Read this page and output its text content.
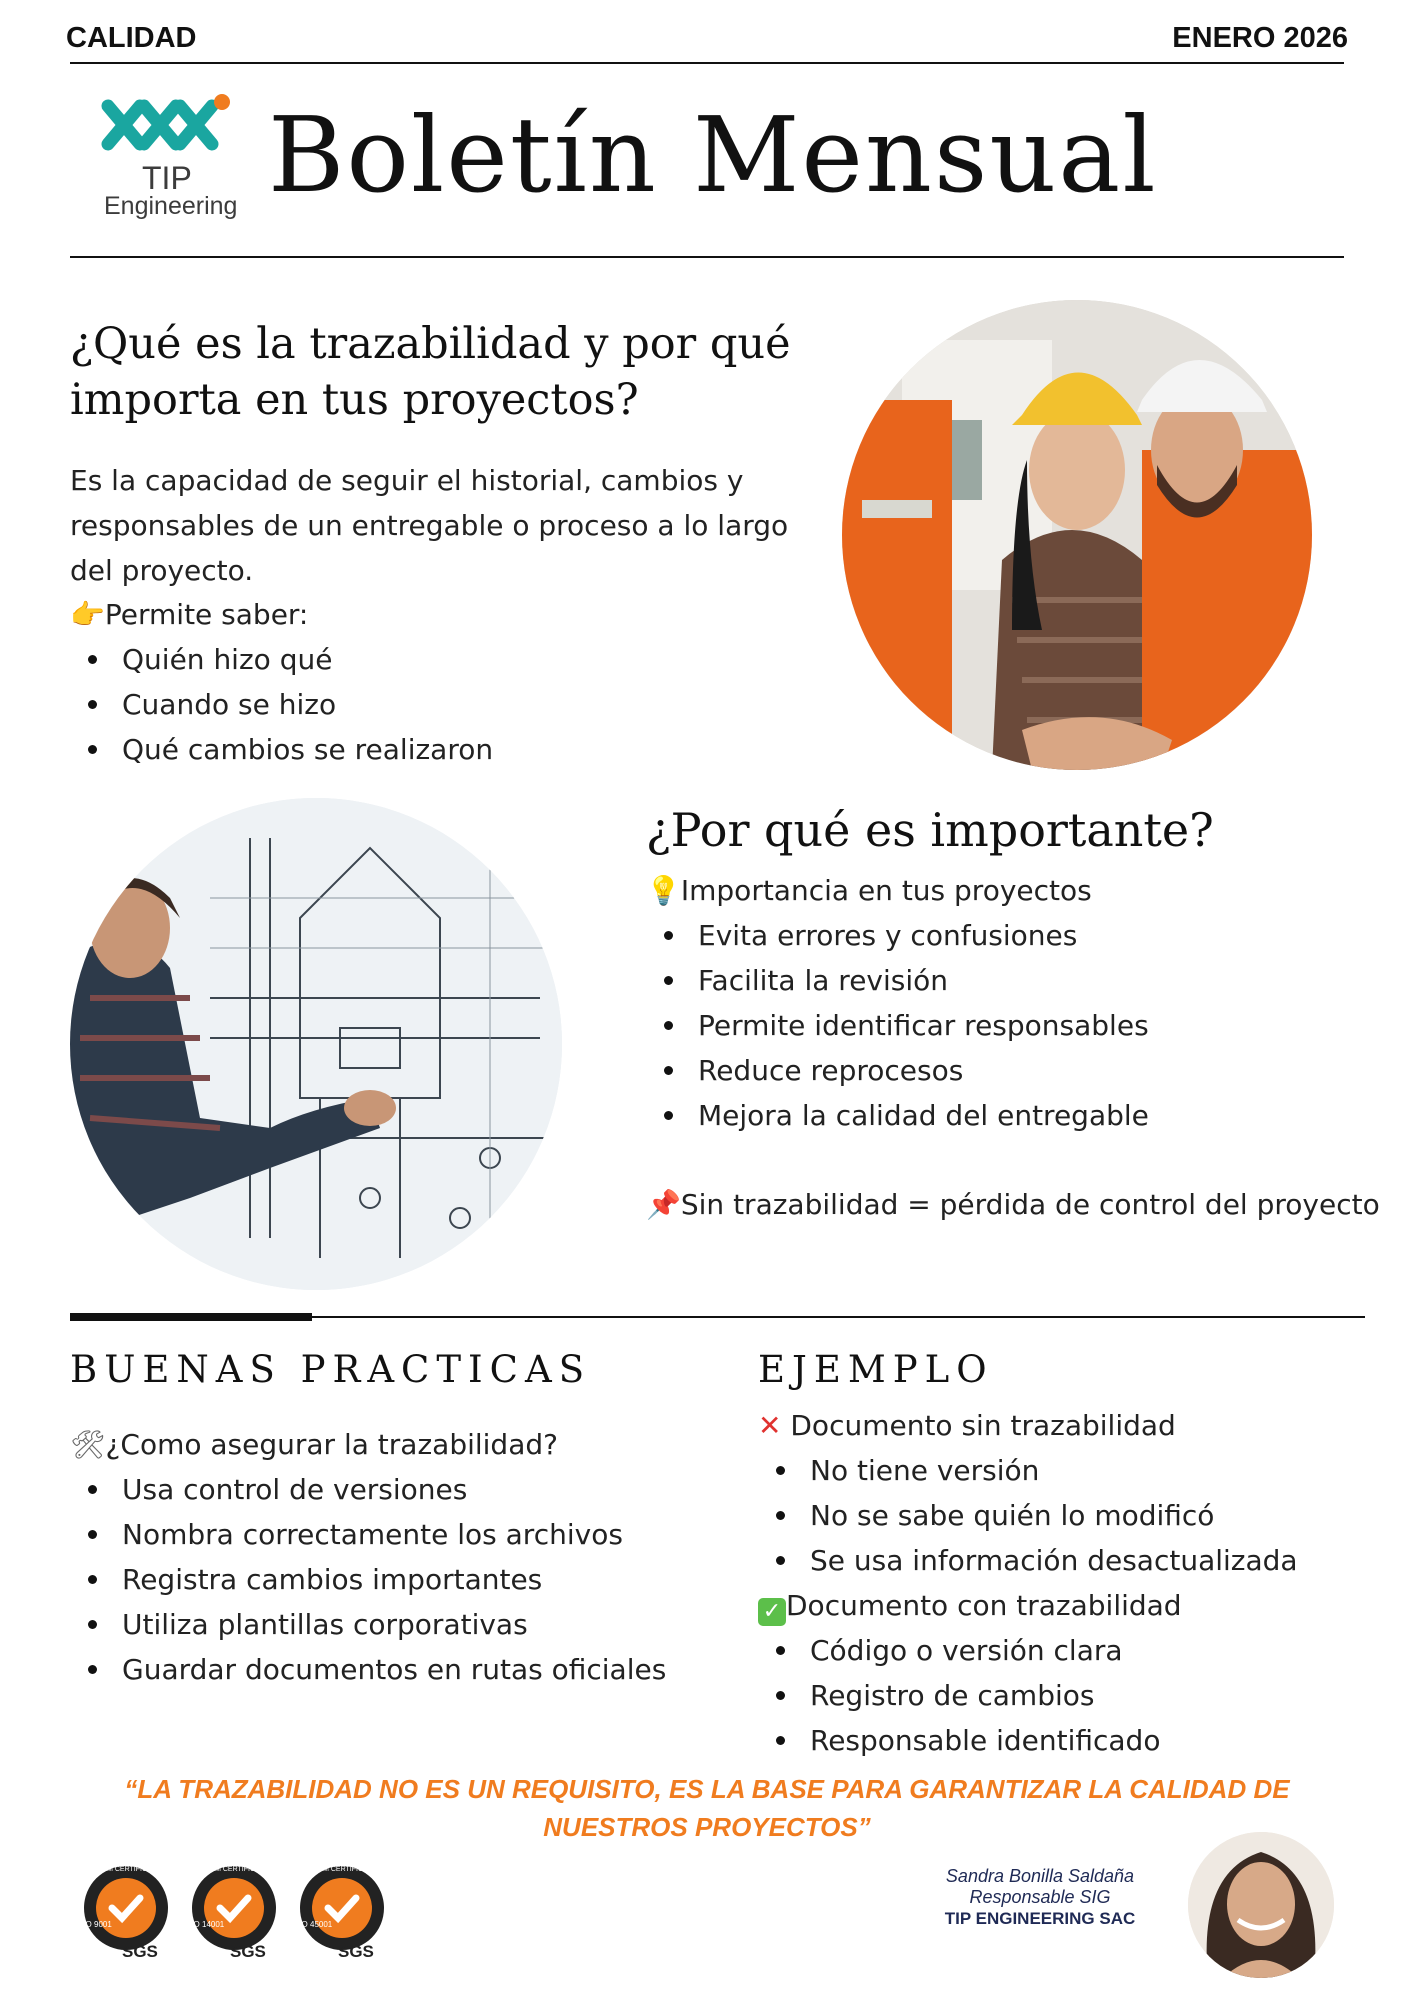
CALIDAD	ENERO 2026
TIP
Engineering Boletín Mensual
¿Qué es la trazabilidad y por qué importa en tus proyectos?
Es la capacidad de seguir el historial, cambios y responsables de un entregable o proceso a lo largo del proyecto.
👉Permite saber:
Quién hizo qué
Cuando se hizo
Qué cambios se realizaron
¿Por qué es importante?
💡Importancia en tus proyectos
Evita errores y confusiones
Facilita la revisión
Permite identificar responsables
Reduce reprocesos
Mejora la calidad del entregable
📌Sin trazabilidad = pérdida de control del proyecto
BUENAS PRACTICAS
🛠¿Como asegurar la trazabilidad?
Usa control de versiones
Nombra correctamente los archivos
Registra cambios importantes
Utiliza plantillas corporativas
Guardar documentos en rutas oficiales
EJEMPLO
✕ Documento sin trazabilidad
No tiene versión
No se sabe quién lo modificó
Se usa información desactualizada
✓ Documento con trazabilidad
Código o versión clara
Registro de cambios
Responsable identificado
“LA TRAZABILIDAD NO ES UN REQUISITO, ES LA BASE PARA GARANTIZAR LA CALIDAD DE
NUESTROS PROYECTOS”
SYSTEM CERTIFICATION
ISO 9001
SGS
SYSTEM CERTIFICATION
ISO 14001
SGS
SYSTEM CERTIFICATION
ISO 45001
SGS
Sandra Bonilla Saldaña
Responsable SIG
TIP ENGINEERING SAC
